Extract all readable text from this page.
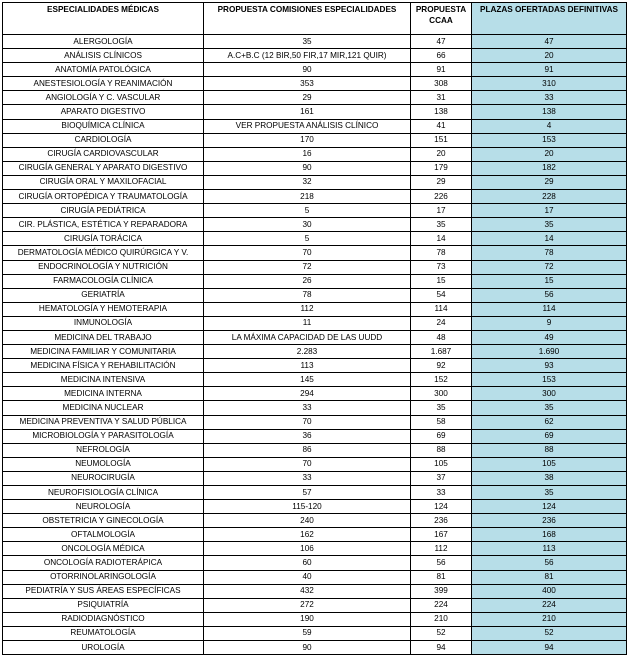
ESPECIALIDADES MÉDICAS	PROPUESTA COMISIONES ESPECIALIDADES	PROPUESTA CCAA	PLAZAS OFERTADAS DEFINITIVAS
ALERGOLOGÍA	35	47	47
ANÁLISIS CLÍNICOS	A.C+B.C (12 BIR,50 FIR,17 MIR,121 QUIR)	66	20
ANATOMÍA PATOLÓGICA	90	91	91
ANESTESIOLOGÍA Y REANIMACIÓN	353	308	310
ANGIOLOGÍA Y C. VASCULAR	29	31	33
APARATO DIGESTIVO	161	138	138
BIOQUÍMICA CLÍNICA	VER PROPUESTA ANÁLISIS CLÍNICO	41	4
CARDIOLOGÍA	170	151	153
CIRUGÍA CARDIOVASCULAR	16	20	20
CIRUGÍA GENERAL Y APARATO DIGESTIVO	90	179	182
CIRUGÍA ORAL Y MAXILOFACIAL	32	29	29
CIRUGÍA ORTOPÉDICA Y TRAUMATOLOGÍA	218	226	228
CIRUGÍA PEDIÁTRICA	5	17	17
CIR. PLÁSTICA, ESTÉTICA Y REPARADORA	30	35	35
CIRUGÍA TORÁCICA	5	14	14
DERMATOLOGÍA MÉDICO QUIRÚRGICA Y V.	70	78	78
ENDOCRINOLOGÍA Y NUTRICIÓN	72	73	72
FARMACOLOGÍA CLÍNICA	26	15	15
GERIATRÍA	78	54	56
HEMATOLOGÍA Y HEMOTERAPIA	112	114	114
INMUNOLOGÍA	11	24	9
MEDICINA DEL TRABAJO	LA MÁXIMA CAPACIDAD DE LAS UUDD	48	49
MEDICINA FAMILIAR Y COMUNITARIA	2.283	1.687	1.690
MEDICINA FÍSICA Y REHABILITACIÓN	113	92	93
MEDICINA INTENSIVA	145	152	153
MEDICINA INTERNA	294	300	300
MEDICINA NUCLEAR	33	35	35
MEDICINA PREVENTIVA Y SALUD PÚBLICA	70	58	62
MICROBIOLOGÍA Y PARASITOLOGÍA	36	69	69
NEFROLOGÍA	86	88	88
NEUMOLOGÍA	70	105	105
NEUROCIRUGÍA	33	37	38
NEUROFISIOLOGÍA CLÍNICA	57	33	35
NEUROLOGÍA	115-120	124	124
OBSTETRICIA Y GINECOLOGÍA	240	236	236
OFTALMOLOGÍA	162	167	168
ONCOLOGÍA MÉDICA	106	112	113
ONCOLOGÍA RADIOTERÁPICA	60	56	56
OTORRINOLARINGOLOGÍA	40	81	81
PEDIATRÍA Y SUS ÁREAS ESPECÍFICAS	432	399	400
PSIQUIATRÍA	272	224	224
RADIODIAGNÓSTICO	190	210	210
REUMATOLOGÍA	59	52	52
UROLOGÍA	90	94	94
